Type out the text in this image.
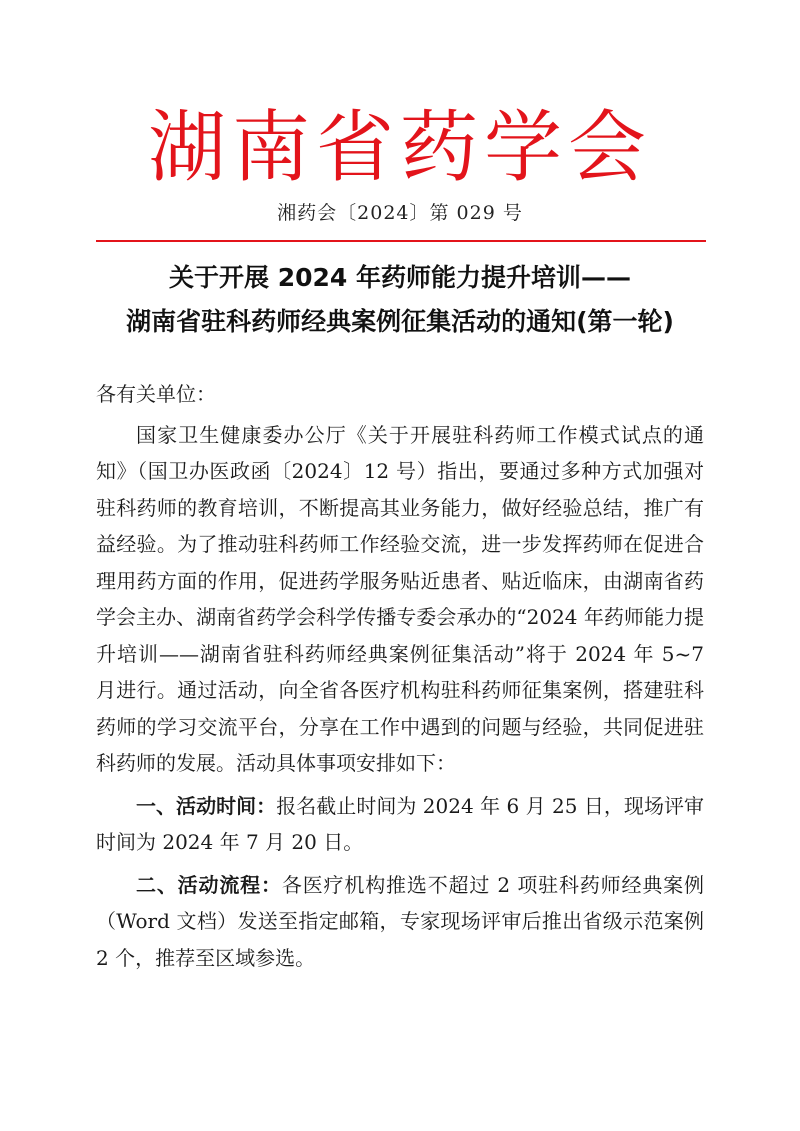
湖南省药学会
湘药会〔2024〕第 029 号
关于开展 2024 年药师能力提升培训——
湖南省驻科药师经典案例征集活动的通知(第一轮)

各有关单位：

国家卫生健康委办公厅《关于开展驻科药师工作模式试点的通知》（国卫办医政函〔2024〕12 号）指出，要通过多种方式加强对驻科药师的教育培训，不断提高其业务能力，做好经验总结，推广有益经验。为了推动驻科药师工作经验交流，进一步发挥药师在促进合理用药方面的作用，促进药学服务贴近患者、贴近临床，由湖南省药学会主办、湖南省药学会科学传播专委会承办的“2024 年药师能力提升培训——湖南省驻科药师经典案例征集活动”将于 2024 年 5~7 月进行。通过活动，向全省各医疗机构驻科药师征集案例，搭建驻科药师的学习交流平台，分享在工作中遇到的问题与经验，共同促进驻科药师的发展。活动具体事项安排如下：

一、活动时间：报名截止时间为 2024 年 6 月 25 日，现场评审时间为 2024 年 7 月 20 日。

二、活动流程：各医疗机构推选不超过 2 项驻科药师经典案例（Word 文档）发送至指定邮箱，专家现场评审后推出省级示范案例 2 个，推荐至区域参选。
